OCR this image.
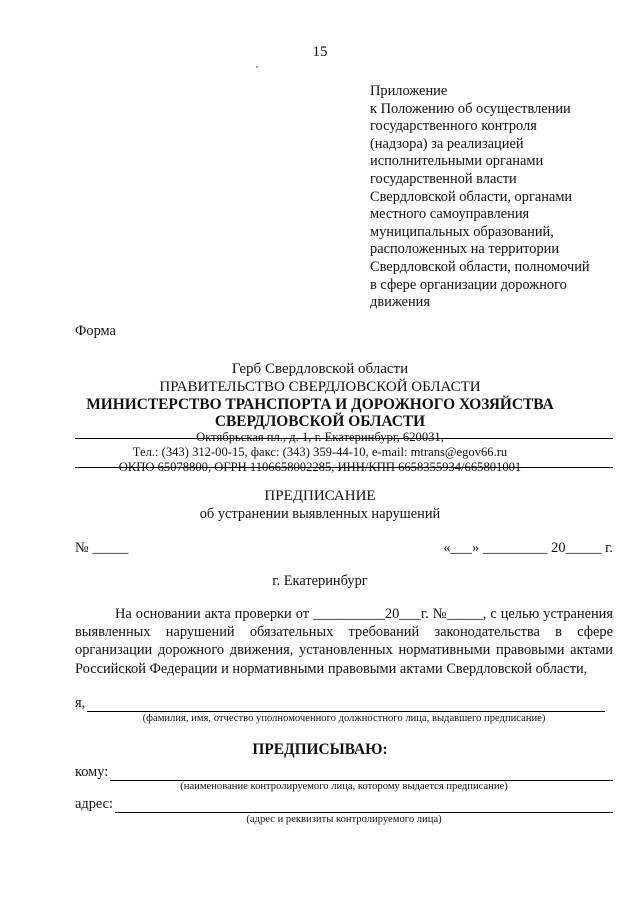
15
Приложение
к Положению об осуществлении
государственного контроля
(надзора) за реализацией
исполнительными органами
государственной власти
Свердловской области, органами
местного самоуправления
муниципальных образований,
расположенных на территории
Свердловской области, полномочий
в сфере организации дорожного
движения
Форма
Герб Свердловской области
ПРАВИТЕЛЬСТВО СВЕРДЛОВСКОЙ ОБЛАСТИ
МИНИСТЕРСТВО ТРАНСПОРТА И ДОРОЖНОГО ХОЗЯЙСТВА
СВЕРДЛОВСКОЙ ОБЛАСТИ
Октябрьская пл., д. 1, г. Екатеринбург, 620031,
Тел.: (343) 312-00-15, факс: (343) 359-44-10, e-mail: mtrans@egov66.ru
ОКПО 65078800, ОГРН 1106658002285, ИНН/КПП 6658355934/665801001
ПРЕДПИСАНИЕ
об устранении выявленных нарушений
№ _____	«___» _________ 20_____ г.
г. Екатеринбург
На основании акта проверки от __________20___г. №_____, с целью устранения выявленных нарушений обязательных требований законодательства в сфере организации дорожного движения, установленных нормативными правовыми актами Российской Федерации и нормативными правовыми актами Свердловской области,
я,
(фамилия, имя, отчество уполномоченного должностного лица, выдавшего предписание)
ПРЕДПИСЫВАЮ:
кому:
(наименование контролируемого лица, которому выдается предписание)
адрес:
(адрес и реквизиты контролируемого лица)
